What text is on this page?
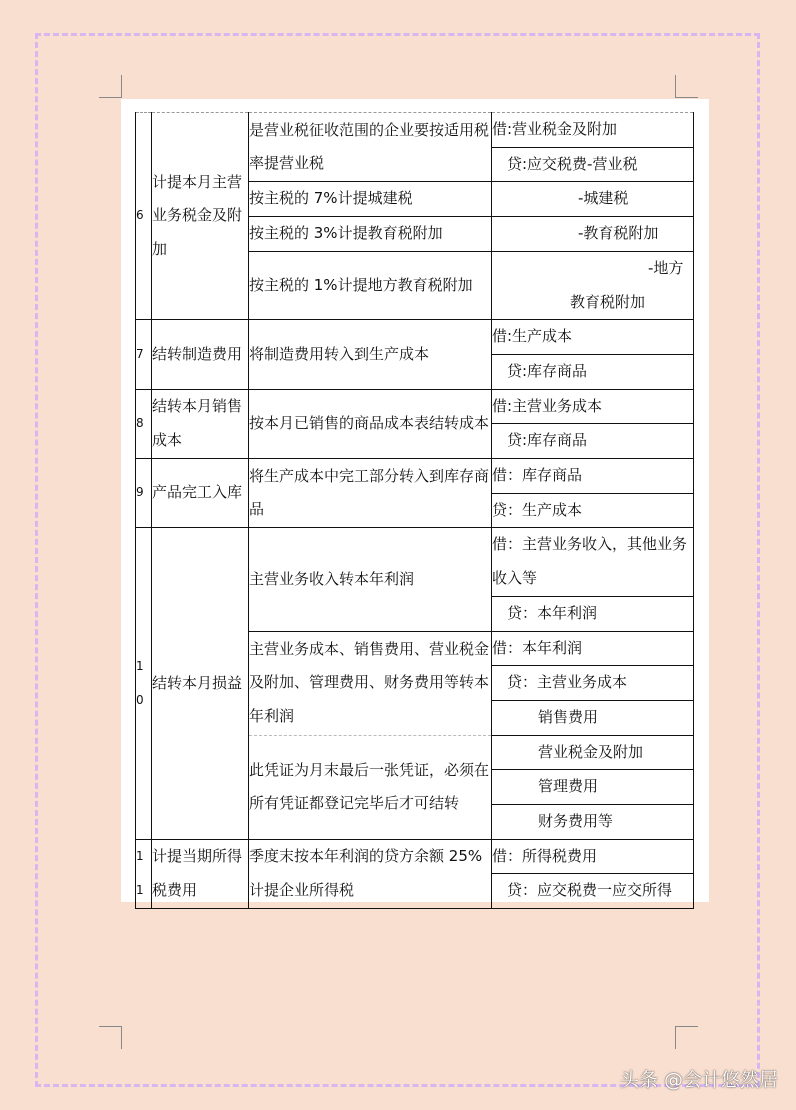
6	计提本月主营业务税金及附加	是营业税征收范围的企业要按适用税率提营业税	借:营业税金及附加
			贷:应交税费-营业税
		按主税的 7%计提城建税	-城建税
		按主税的 3%计提教育税附加	-教育税附加
		按主税的 1%计提地方教育税附加	-地方教育税附加

7	结转制造费用	将制造费用转入到生产成本	借:生产成本
			贷:库存商品
8	结转本月销售成本	按本月已销售的商品成本表结转成本	借:主营业务成本
			贷:库存商品
9	产品完工入库	将生产成本中完工部分转入到库存商品	借：库存商品
			贷：生产成本
10	结转本月损益	主营业务收入转本年利润	借：主营业务收入，其他业务收入等

			贷：本年利润
		主营业务成本、销售费用、营业税金及附加、管理费用、财务费用等转本年利润	借：本年利润
			贷：主营业务成本
			销售费用
		此凭证为月末最后一张凭证，必须在所有凭证都登记完毕后才可结转	营业税金及附加
			管理费用
			财务费用等
11	计提当期所得税费用	季度末按本年利润的贷方余额 25%计提企业所得税	借：所得税费用
			贷：应交税费一应交所得
头条 @会计悠然居
